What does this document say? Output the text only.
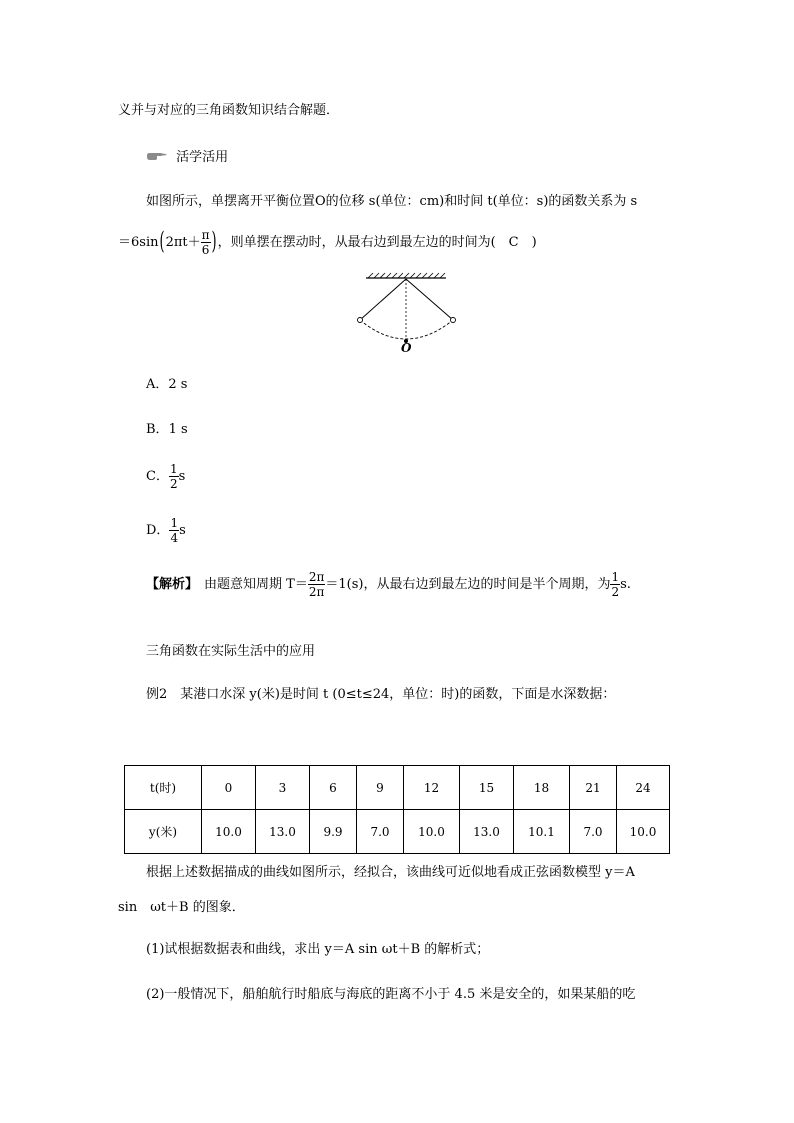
义并与对应的三角函数知识结合解题．
活学活用
如图所示，单摆离开平衡位置O的位移 s(单位：cm)和时间 t(单位：s)的函数关系为 s
$=6\sin(2\pi t+ \frac{\pi}{6}$ )，则单摆在摆动时，从最右边到最左边的时间为(　C　)
O
A．2 s
B．1 s
C． $\frac{1}{2}$ s
D． $\frac{1}{4}$ s
【解析】 由题意知周期 $T= \frac{2\pi}{2\pi} =1(s)$，从最右边到最左边的时间是半个周期，为 $\frac{1}{2} s$.
三角函数在实际生活中的应用
例2　某港口水深 y(米)是时间 t (0≤t≤24，单位：时)的函数，下面是水深数据：
t(时)	0	3	6	9	12	15	18	21	24
y(米)	10.0	13.0	9.9	7.0	10.0	13.0	10.1	7.0	10.0
根据上述数据描成的曲线如图所示，经拟合，该曲线可近似地看成正弦函数模型 y＝A
sin　ωt＋B 的图象．
(1)试根据数据表和曲线，求出 y＝A sin ωt＋B 的解析式；
(2)一般情况下，船舶航行时船底与海底的距离不小于 4.5 米是安全的，如果某船的吃
